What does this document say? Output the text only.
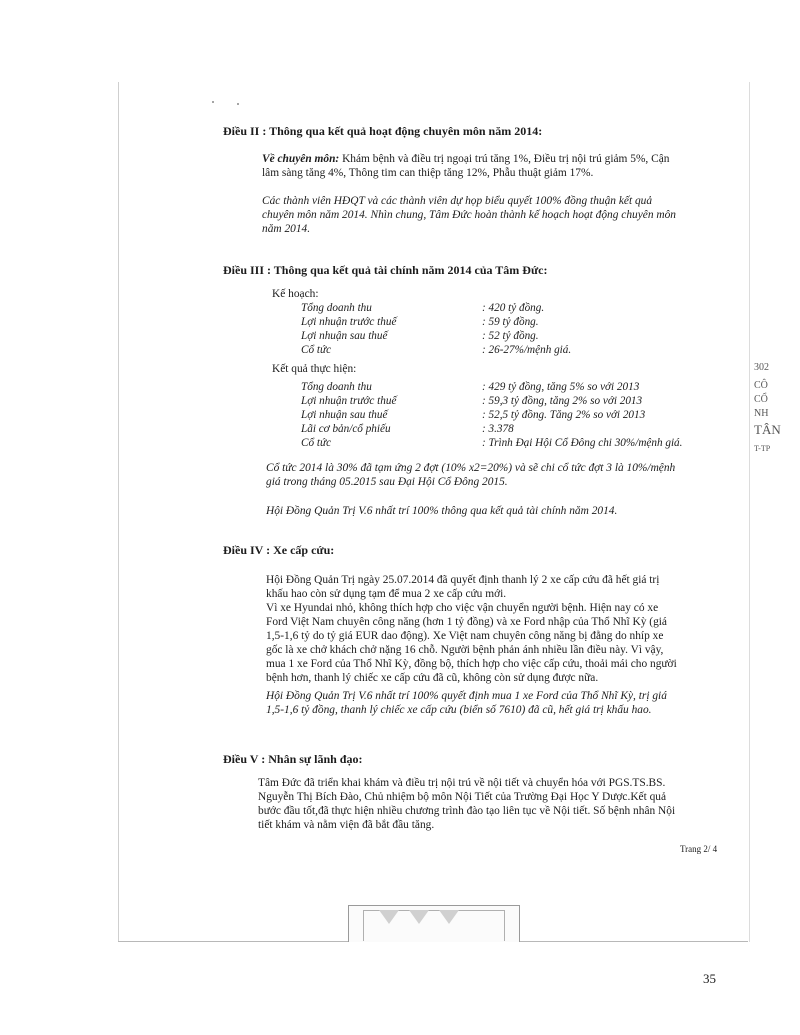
Điều II : Thông qua kết quả hoạt động chuyên môn năm 2014:

Về chuyên môn: Khám bệnh và điều trị ngoại trú tăng 1%, Điều trị nội trú giảm 5%, Cận

lâm sàng tăng 4%, Thông tim can thiệp tăng 12%, Phẫu thuật giảm 17%.

Các thành viên HĐQT và các thành viên dự họp biểu quyết 100% đồng thuận kết quả

chuyên môn năm 2014. Nhìn chung, Tâm Đức hoàn thành kế hoạch hoạt động chuyên môn

năm 2014.

Điều III : Thông qua kết quả tài chính năm 2014 của Tâm Đức:

Kế hoạch:

Tổng doanh thu	: 420 tỷ đồng.

Lợi nhuận trước thuế	: 59 tỷ đồng.

Lợi nhuận sau thuế	: 52 tỷ đồng.

Cổ tức	: 26-27%/mệnh giá.

Kết quả thực hiện:

Tổng doanh thu	: 429 tỷ đồng, tăng 5% so với 2013

Lợi nhuận trước thuế	: 59,3 tỷ đồng, tăng 2% so với 2013

Lợi nhuận sau thuế	: 52,5 tỷ đồng. Tăng 2% so với 2013

Lãi cơ bản/cổ phiếu	: 3.378

Cổ tức	: Trình Đại Hội Cổ Đông chi 30%/mệnh giá.

Cổ tức 2014 là 30% đã tạm ứng 2 đợt (10% x2=20%) và sẽ chi cổ tức đợt 3 là 10%/mệnh

giá trong tháng 05.2015 sau Đại Hội Cổ Đông 2015.

Hội Đồng Quản Trị V.6 nhất trí 100% thông qua kết quả tài chính năm 2014.

Điều IV : Xe cấp cứu:

Hội Đồng Quản Trị ngày 25.07.2014 đã quyết định thanh lý 2 xe cấp cứu đã hết giá trị

khấu hao còn sử dụng tạm để mua 2 xe cấp cứu mới.

Vì xe Hyundai nhỏ, không thích hợp cho việc vận chuyển người bệnh. Hiện nay có xe

Ford Việt Nam chuyên công năng (hơn 1 tỷ đồng) và xe Ford nhập của Thổ Nhĩ Kỳ (giá

1,5-1,6 tỷ do tỷ giá EUR dao động). Xe Việt nam chuyên công năng bị đằng do nhíp xe

gốc là xe chở khách chở nặng 16 chỗ. Người bệnh phản ánh nhiều lần điều này. Vì vậy,

mua 1 xe Ford của Thổ Nhĩ Kỳ, đồng bộ, thích hợp cho việc cấp cứu, thoải mái cho người

bệnh hơn, thanh lý chiếc xe cấp cứu đã cũ, không còn sử dụng được nữa.

Hội Đồng Quản Trị V.6 nhất trí 100% quyết định mua 1 xe Ford của Thổ Nhĩ Kỳ, trị giá

1,5-1,6 tỷ đồng, thanh lý chiếc xe cấp cứu (biển số 7610) đã cũ, hết giá trị khấu hao.

Điều V : Nhân sự lãnh đạo:

Tâm Đức đã triển khai khám và điều trị nội trú về nội tiết và chuyển hóa với PGS.TS.BS.

Nguyễn Thị Bích Đào, Chủ nhiệm bộ môn Nội Tiết của Trường Đại Học Y Dược.Kết quả

bước đầu tốt,đã thực hiện nhiều chương trình đào tạo liên tục về Nội tiết. Số bệnh nhân Nội

tiết khám và nằm viện đã bắt đầu tăng.

302
CÔ
CỔ
NH
TÂN
T-TP

Trang 2/ 4

35
